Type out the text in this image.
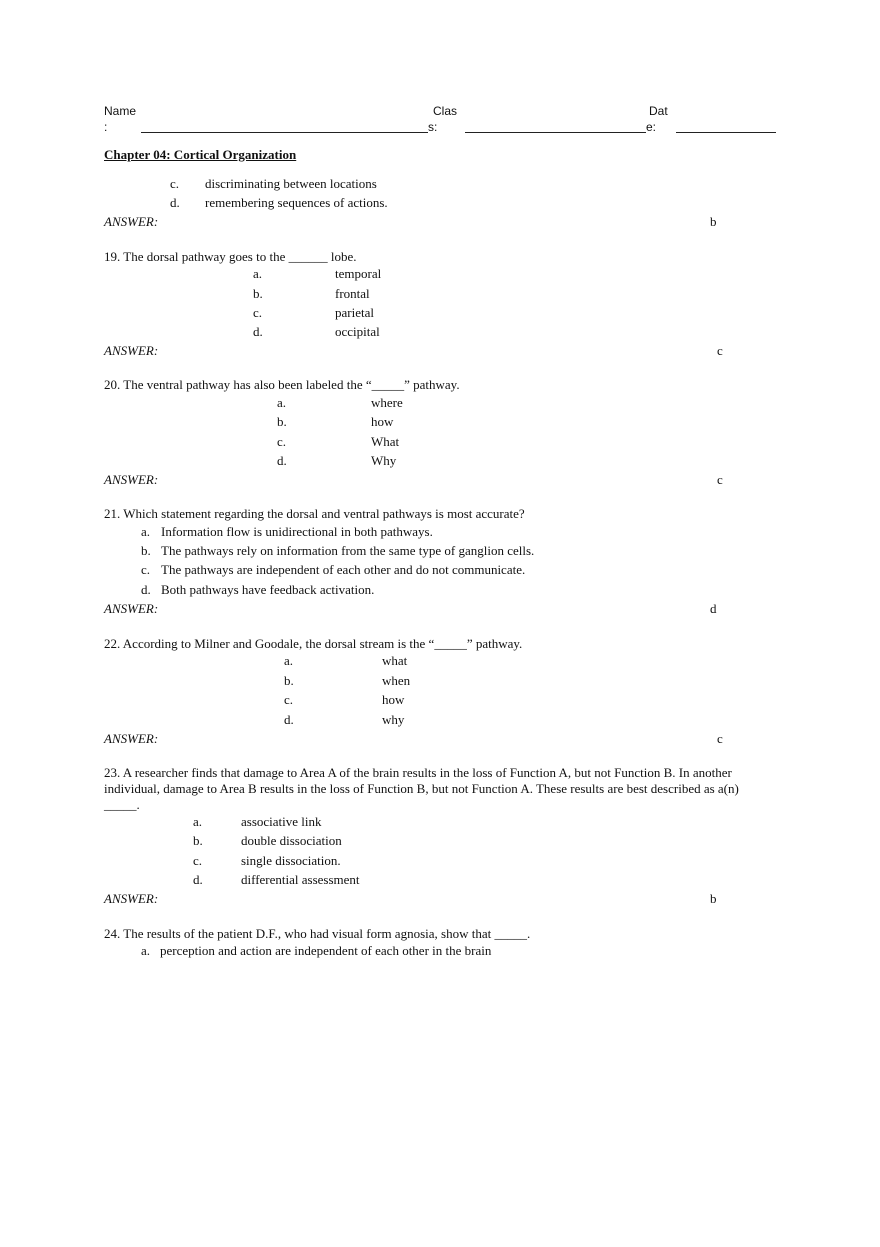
Name
:
Clas
s:
Dat
e:
Chapter 04: Cortical Organization
c. discriminating between locations
d. remembering sequences of actions.
ANSWER:	b
19. The dorsal pathway goes to the ______ lobe.
a.	temporal
b.	frontal
c.	parietal
d.	occipital
ANSWER:	c
20. The ventral pathway has also been labeled the “_____” pathway.
a.	where
b.	how
c.	What
d.	Why
ANSWER:	c
21. Which statement regarding the dorsal and ventral pathways is most accurate?
a. Information flow is unidirectional in both pathways.
b. The pathways rely on information from the same type of ganglion cells.
c. The pathways are independent of each other and do not communicate.
d. Both pathways have feedback activation.
ANSWER:	d
22. According to Milner and Goodale, the dorsal stream is the “_____” pathway.
a.	what
b.	when
c.	how
d.	why
ANSWER:	c
23. A researcher finds that damage to Area A of the brain results in the loss of Function A, but not Function B. In another
individual, damage to Area B results in the loss of Function B, but not Function A. These results are best described as a(n)
_____.
a.	associative link
b.	double dissociation
c.	single dissociation.
d.	differential assessment
ANSWER:	b
24. The results of the patient D.F., who had visual form agnosia, show that _____.
a. perception and action are independent of each other in the brain
